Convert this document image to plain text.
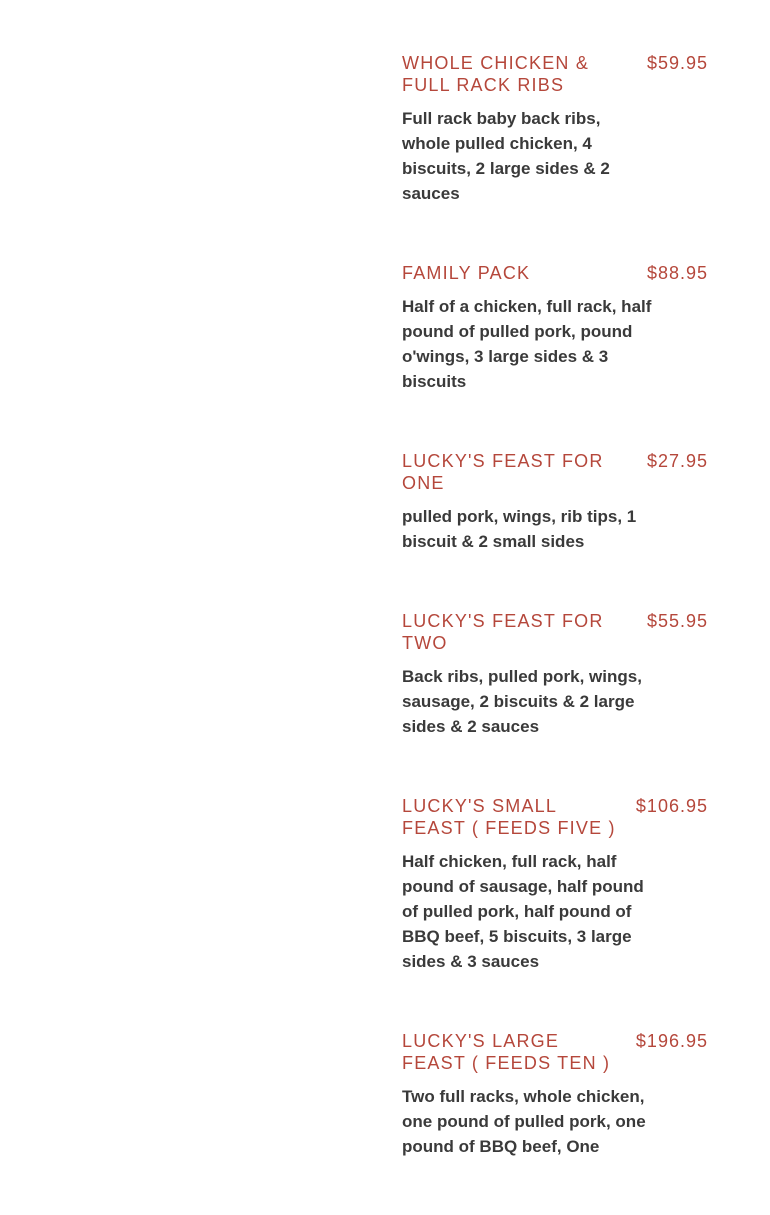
WHOLE CHICKEN & FULL RACK RIBS
$59.95

Full rack baby back ribs, whole pulled chicken, 4 biscuits, 2 large sides & 2 sauces

FAMILY PACK	$88.95

Half of a chicken, full rack, half pound of pulled pork, pound o'wings, 3 large sides & 3 biscuits

LUCKY'S FEAST FOR ONE
$27.95

pulled pork, wings, rib tips, 1 biscuit & 2 small sides

LUCKY'S FEAST FOR TWO
$55.95

Back ribs, pulled pork, wings, sausage, 2 biscuits & 2 large sides & 2 sauces

LUCKY'S SMALL FEAST ( FEEDS FIVE )
$106.95

Half chicken, full rack, half pound of sausage, half pound of pulled pork, half pound of BBQ beef, 5 biscuits, 3 large sides & 3 sauces

LUCKY'S LARGE FEAST ( FEEDS TEN )
$196.95

Two full racks, whole chicken, one pound of pulled pork, one pound of BBQ beef, One
